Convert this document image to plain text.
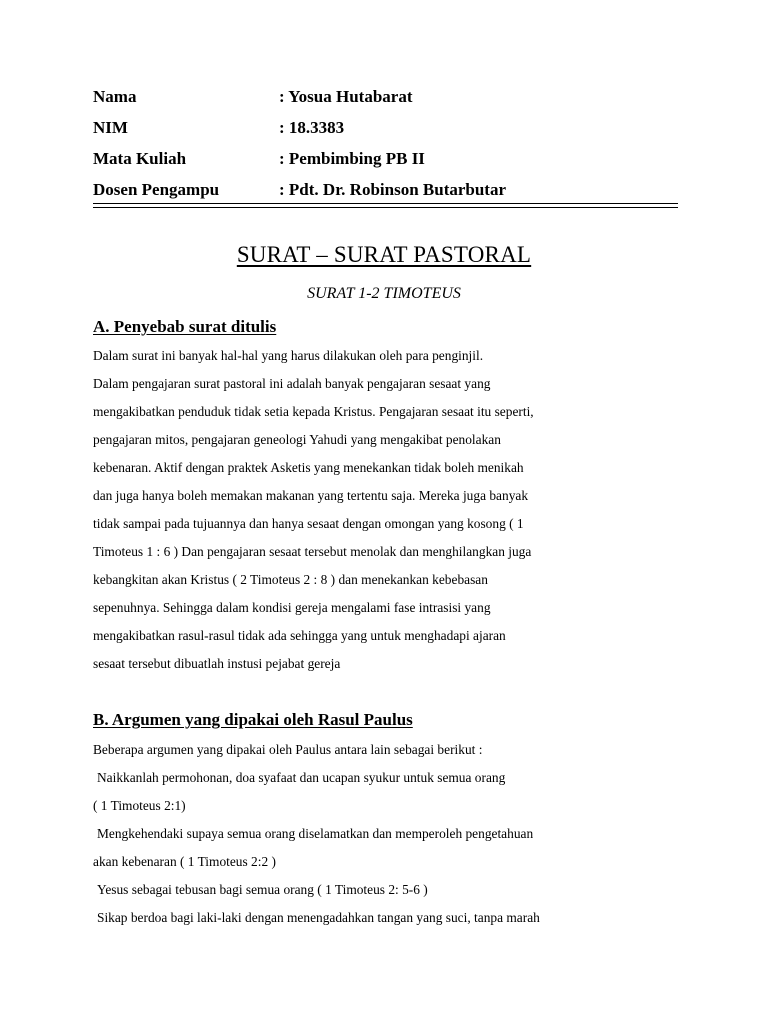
Nama	: Yosua Hutabarat
NIM	: 18.3383
Mata Kuliah	: Pembimbing PB II
Dosen Pengampu	: Pdt. Dr. Robinson Butarbutar
SURAT – SURAT PASTORAL
SURAT 1-2 TIMOTEUS
A. Penyebab surat ditulis
Dalam surat ini banyak hal-hal yang harus dilakukan oleh para penginjil.
Dalam pengajaran surat pastoral ini adalah banyak pengajaran sesaat yang
mengakibatkan penduduk tidak setia kepada Kristus. Pengajaran sesaat itu seperti,
pengajaran mitos, pengajaran geneologi Yahudi yang mengakibat penolakan
kebenaran. Aktif dengan praktek Asketis yang menekankan tidak boleh menikah
dan juga hanya boleh memakan makanan yang tertentu saja. Mereka juga banyak
tidak sampai pada tujuannya dan hanya sesaat dengan omongan yang kosong ( 1
Timoteus 1 : 6 ) Dan pengajaran sesaat tersebut menolak dan menghilangkan juga
kebangkitan akan Kristus ( 2 Timoteus 2 : 8 ) dan menekankan kebebasan
sepenuhnya. Sehingga dalam kondisi gereja mengalami fase intrasisi yang
mengakibatkan rasul-rasul tidak ada sehingga yang untuk menghadapi ajaran
sesaat tersebut dibuatlah instusi pejabat gereja
B. Argumen yang dipakai oleh Rasul Paulus
Beberapa argumen yang dipakai oleh Paulus antara lain sebagai berikut :
Naikkanlah permohonan, doa syafaat dan ucapan syukur untuk semua orang
( 1 Timoteus 2:1)
Mengkehendaki supaya semua orang diselamatkan dan memperoleh pengetahuan
akan kebenaran ( 1 Timoteus 2:2 )
Yesus sebagai tebusan bagi semua orang ( 1 Timoteus 2: 5-6 )
Sikap berdoa bagi laki-laki dengan menengadahkan tangan yang suci, tanpa marah
